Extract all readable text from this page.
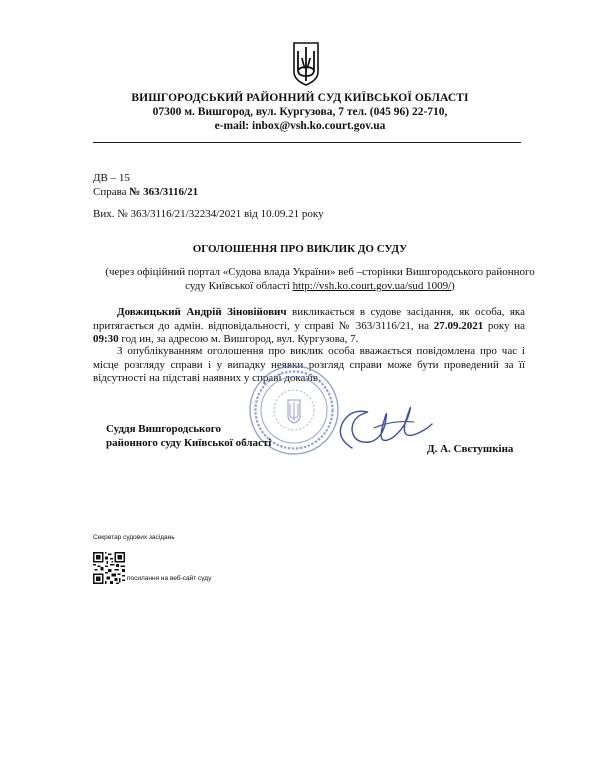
ВИШГОРОДСЬКИЙ РАЙОННИЙ СУД КИЇВСЬКОЇ ОБЛАСТІ
07300 м. Вишгород, вул. Кургузова, 7 тел. (045 96) 22-710,
e-mail: inbox@vsh.ko.court.gov.ua
ДВ – 15
Справа № 363/3116/21
Вих. № 363/3116/21/32234/2021 від 10.09.21 року
ОГОЛОШЕННЯ ПРО ВИКЛИК ДО СУДУ
(через офіційний портал «Судова влада України» веб –сторінки Вишгородського районного
суду Київської області http://vsh.ko.court.gov.ua/sud 1009/)
Довжицький Андрій Зіновійович викликається в судове засідання, як особа, яка притягається до адмін. відповідальності, у справі № 363/3116/21, на 27.09.2021 року на 09:30 год ин, за адресою м. Вишгород, вул. Кургузова, 7.
З опублікуванням оголошення про виклик особа вважається повідомлена про час і місце розгляду справи і у випадку неявки розгляд справи може бути проведений за її відсутності на підставі наявних у справі доказів.
Суддя Вишгородського
районного суду Київської області	Д. А. Свєтушкіна
Секретар судових засідань
посилання на веб-сайт суду
